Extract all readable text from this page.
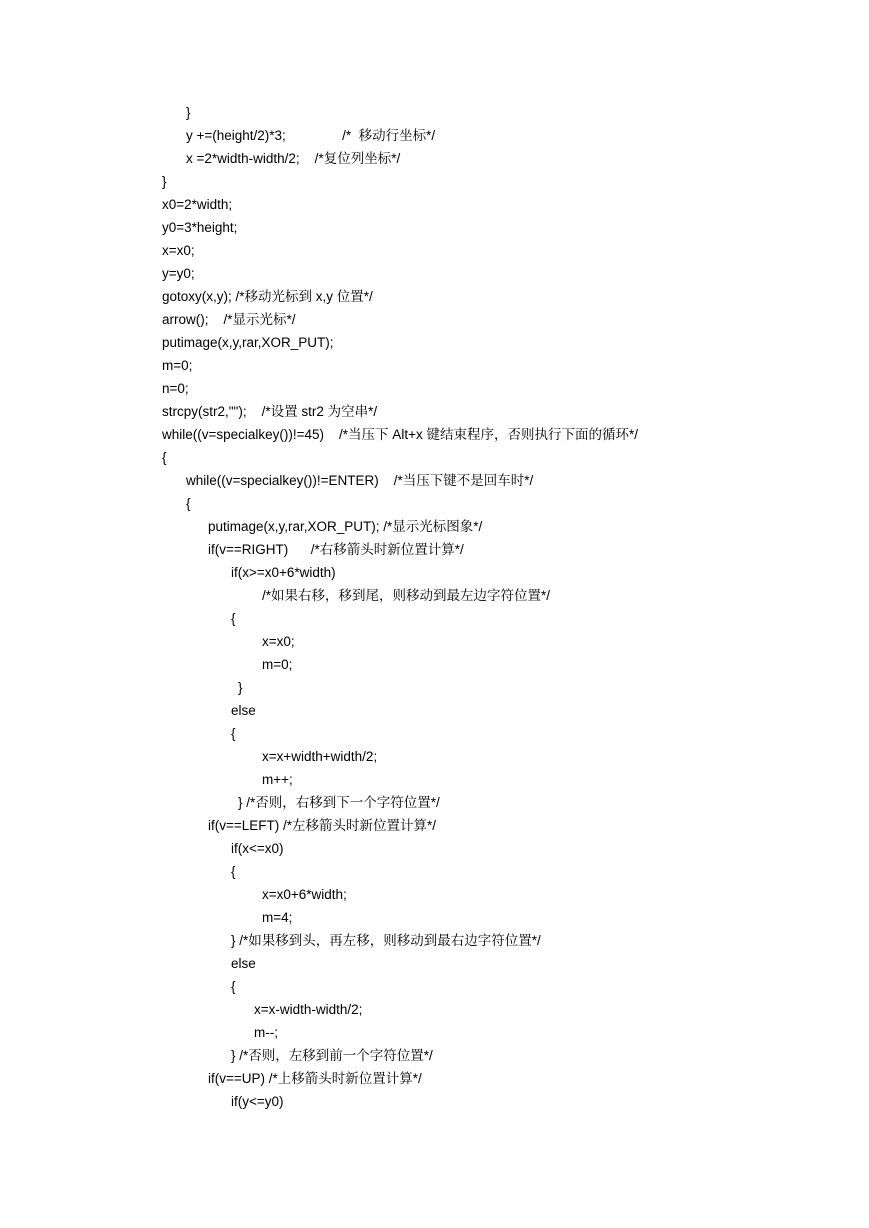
}
y +=(height/2)*3;               /*  移动行坐标*/
x =2*width-width/2;    /*复位列坐标*/
}
x0=2*width;
y0=3*height;
x=x0;
y=y0;
gotoxy(x,y); /*移动光标到 x,y 位置*/
arrow();    /*显示光标*/
putimage(x,y,rar,XOR_PUT);
m=0;
n=0;
strcpy(str2,"");    /*设置 str2 为空串*/
while((v=specialkey())!=45)    /*当压下 Alt+x 键结束程序，否则执行下面的循环*/
{
while((v=specialkey())!=ENTER)    /*当压下键不是回车时*/
{
putimage(x,y,rar,XOR_PUT); /*显示光标图象*/
if(v==RIGHT)      /*右移箭头时新位置计算*/
if(x>=x0+6*width)
/*如果右移，移到尾，则移动到最左边字符位置*/
{
x=x0;
m=0;
}
else
{
x=x+width+width/2;
m++;
} /*否则，右移到下一个字符位置*/
if(v==LEFT) /*左移箭头时新位置计算*/
if(x<=x0)
{
x=x0+6*width;
m=4;
} /*如果移到头，再左移，则移动到最右边字符位置*/
else
{
x=x-width-width/2;
m--;
} /*否则，左移到前一个字符位置*/
if(v==UP) /*上移箭头时新位置计算*/
if(y<=y0)
